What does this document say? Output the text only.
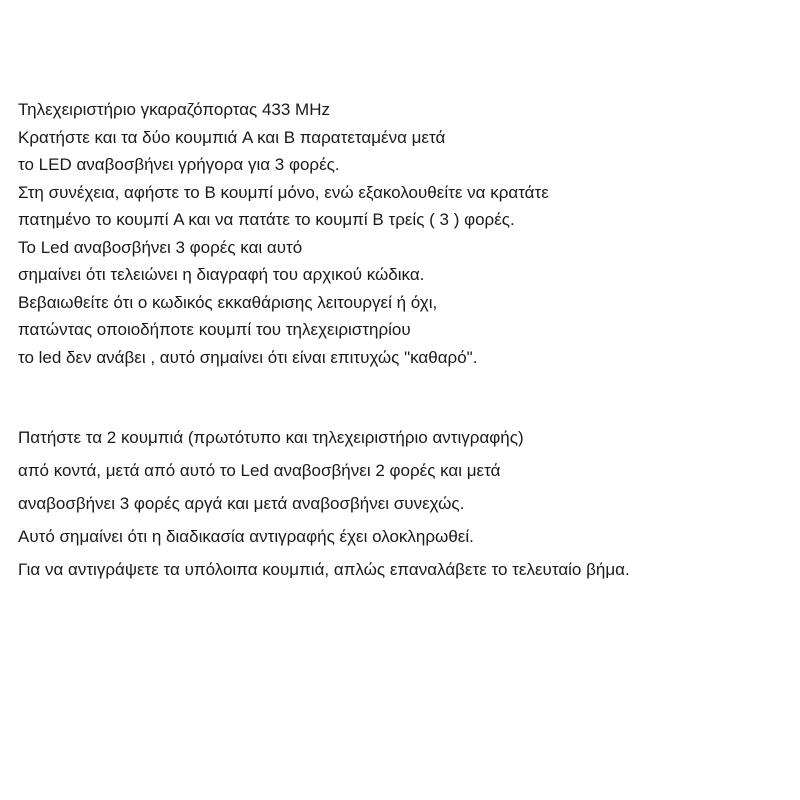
Τηλεχειριστήριο γκαραζόπορτας 433 MHz
Κρατήστε και τα δύο κουμπιά A και B παρατεταμένα μετά
το LED αναβοσβήνει γρήγορα για 3 φορές.
Στη συνέχεια, αφήστε το B κουμπί μόνο, ενώ εξακολουθείτε να κρατάτε
πατημένο το κουμπί A και να πατάτε το κουμπί B τρείς ( 3 ) φορές.
Το Led αναβοσβήνει 3 φορές και αυτό
σημαίνει ότι τελειώνει η διαγραφή του αρχικού κώδικα.
Βεβαιωθείτε ότι ο κωδικός εκκαθάρισης λειτουργεί ή όχι,
πατώντας οποιοδήποτε κουμπί του τηλεχειριστηρίου
το led δεν ανάβει , αυτό σημαίνει ότι είναι επιτυχώς "καθαρό".
Πατήστε τα 2 κουμπιά (πρωτότυπο και τηλεχειριστήριο αντιγραφής)
από κοντά, μετά από αυτό το Led αναβοσβήνει 2 φορές και μετά
αναβοσβήνει 3 φορές αργά και μετά αναβοσβήνει συνεχώς.
Αυτό σημαίνει ότι η διαδικασία αντιγραφής έχει ολοκληρωθεί.
Για να αντιγράψετε τα υπόλοιπα κουμπιά, απλώς επαναλάβετε το τελευταίο βήμα.
